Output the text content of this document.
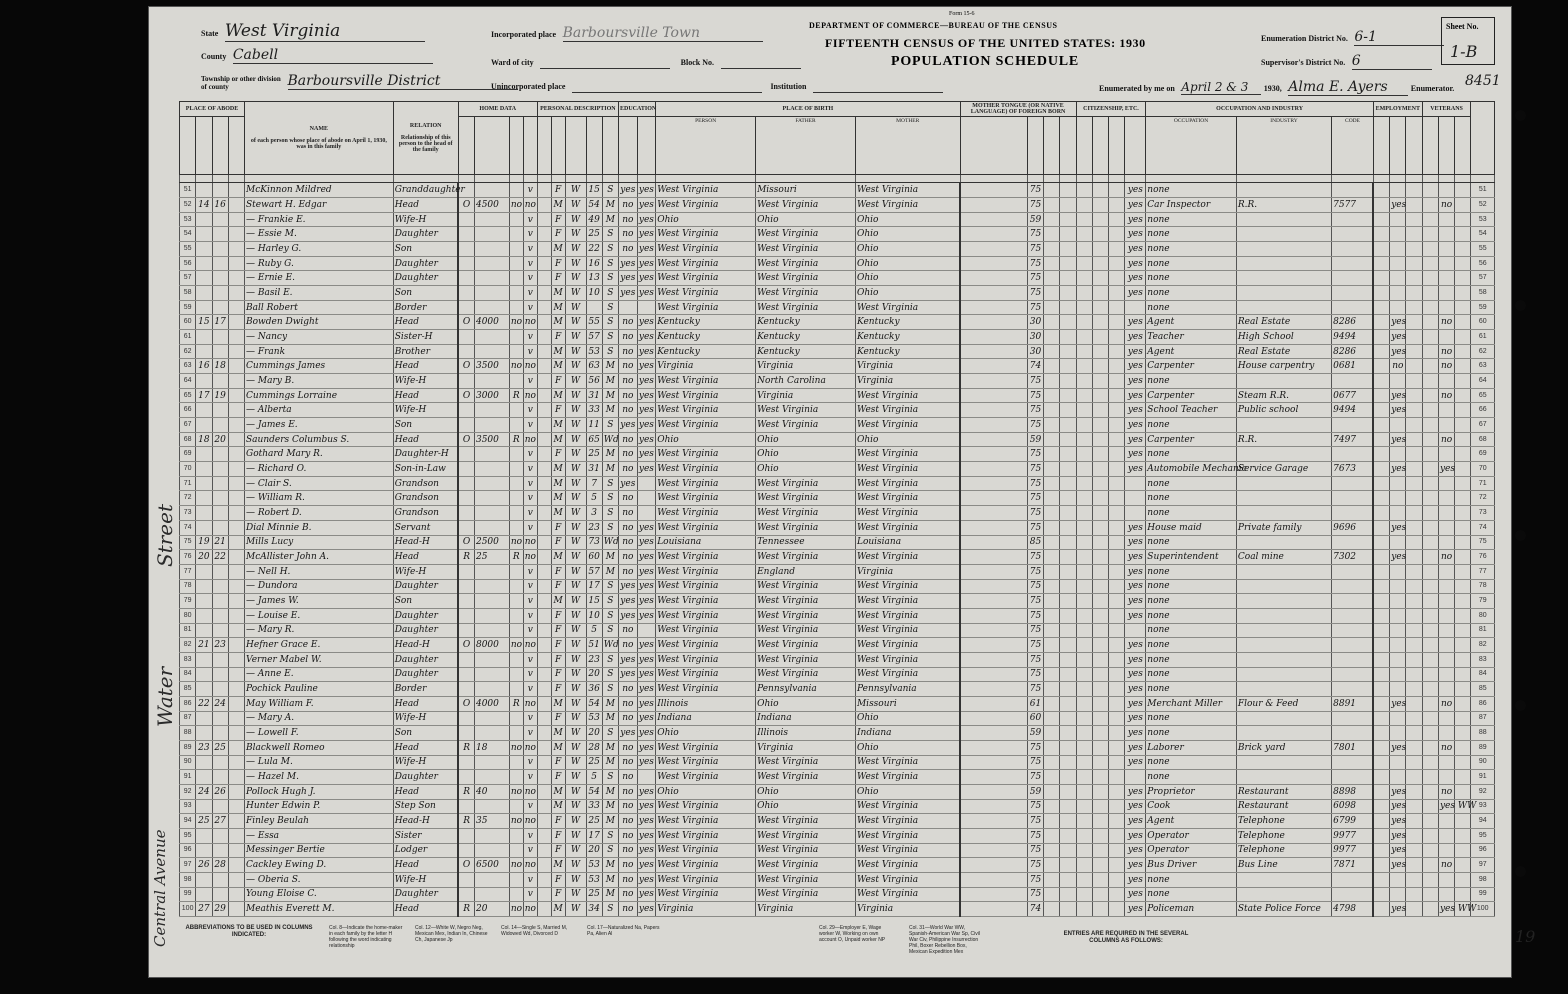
Form 15-6
DEPARTMENT OF COMMERCE—BUREAU OF THE CENSUS
FIFTEENTH CENSUS OF THE UNITED STATES: 1930
POPULATION SCHEDULE
State West Virginia
County Cabell
Township or other division of county	Barboursville District
Incorporated place Barboursville Town
Ward of city	Block No.
Unincorporated place	Institution
Enumeration District No. 6-1
Supervisor's District No. 6
Enumerated by me on April 2 & 3 1930, Alma E. Ayers	Enumerator. 8451
Sheet No.
1-B
PLACE OF ABODE				NAME

of each person whose place of abode on April 1, 1930, was in this family	RELATION

Relationship of this person to the head of the family	HOME DATA				PERSONAL DESCRIPTION					EDUCATION		PLACE OF BIRTH			MOTHER TONGUE (OR NATIVE LANGUAGE) OF FOREIGN BORN				CITIZENSHIP, ETC.				OCCUPATION AND INDUSTRY			EMPLOYMENT			VETERANS			
																	PERSON	FATHER	MOTHER									OCCUPATION	INDUSTRY	CODE							

51				McKinnon Mildred	Granddaughter				v		F	W	15	S	yes	yes	West Virginia	Missouri	West Virginia		75						yes	none									51
52	14	16		Stewart H. Edgar	Head	O	4500	no	no		M	W	54	M	no	yes	West Virginia	West Virginia	West Virginia		75						yes	Car Inspector	R.R.	7577		yes			no		52
53				— Frankie E.	Wife-H				v		F	W	49	M	no	yes	Ohio	Ohio	Ohio		59						yes	none									53
54				— Essie M.	Daughter				v		F	W	25	S	no	yes	West Virginia	West Virginia	Ohio		75						yes	none									54
55				— Harley G.	Son				v		M	W	22	S	no	yes	West Virginia	West Virginia	Ohio		75						yes	none									55
56				— Ruby G.	Daughter				v		F	W	16	S	yes	yes	West Virginia	West Virginia	Ohio		75						yes	none									56
57				— Ernie E.	Daughter				v		F	W	13	S	yes	yes	West Virginia	West Virginia	Ohio		75						yes	none									57
58				— Basil E.	Son				v		M	W	10	S	yes	yes	West Virginia	West Virginia	Ohio		75						yes	none									58
59				Ball Robert	Border				v		M	W		S			West Virginia	West Virginia	West Virginia		75							none									59
60	15	17		Bowden Dwight	Head	O	4000	no	no		M	W	55	S	no	yes	Kentucky	Kentucky	Kentucky		30						yes	Agent	Real Estate	8286		yes			no		60
61				— Nancy	Sister-H				v		F	W	57	S	no	yes	Kentucky	Kentucky	Kentucky		30						yes	Teacher	High School	9494		yes					61
62				— Frank	Brother				v		M	W	53	S	no	yes	Kentucky	Kentucky	Kentucky		30						yes	Agent	Real Estate	8286		yes			no		62
63	16	18		Cummings James	Head	O	3500	no	no		M	W	63	M	no	yes	Virginia	Virginia	Virginia		74						yes	Carpenter	House carpentry	0681		no			no		63
64				— Mary B.	Wife-H				v		F	W	56	M	no	yes	West Virginia	North Carolina	Virginia		75						yes	none									64
65	17	19		Cummings Lorraine	Head	O	3000	R	no		M	W	31	M	no	yes	West Virginia	Virginia	West Virginia		75						yes	Carpenter	Steam R.R.	0677		yes			no		65
66				— Alberta	Wife-H				v		F	W	33	M	no	yes	West Virginia	West Virginia	West Virginia		75						yes	School Teacher	Public school	9494		yes					66
67				— James E.	Son				v		M	W	11	S	yes	yes	West Virginia	West Virginia	West Virginia		75						yes	none									67
68	18	20		Saunders Columbus S.	Head	O	3500	R	no		M	W	65	Wd	no	yes	Ohio	Ohio	Ohio		59						yes	Carpenter	R.R.	7497		yes			no		68
69				Gothard Mary R.	Daughter-H				v		F	W	25	M	no	yes	West Virginia	Ohio	West Virginia		75						yes	none									69
70				— Richard O.	Son-in-Law				v		M	W	31	M	no	yes	West Virginia	Ohio	West Virginia		75						yes	Automobile Mechanic	Service Garage	7673		yes			yes		70
71				— Clair S.	Grandson				v		M	W	7	S	yes		West Virginia	West Virginia	West Virginia		75							none									71
72				— William R.	Grandson				v		M	W	5	S	no		West Virginia	West Virginia	West Virginia		75							none									72
73				— Robert D.	Grandson				v		M	W	3	S	no		West Virginia	West Virginia	West Virginia		75							none									73
74				Dial Minnie B.	Servant				v		F	W	23	S	no	yes	West Virginia	West Virginia	West Virginia		75						yes	House maid	Private family	9696		yes					74
75	19	21		Mills Lucy	Head-H	O	2500	no	no		F	W	73	Wd	no	yes	Louisiana	Tennessee	Louisiana		85						yes	none									75
76	20	22		McAllister John A.	Head	R	25	R	no		M	W	60	M	no	yes	West Virginia	West Virginia	West Virginia		75						yes	Superintendent	Coal mine	7302		yes			no		76
77				— Nell H.	Wife-H				v		F	W	57	M	no	yes	West Virginia	England	Virginia		75						yes	none									77
78				— Dundora	Daughter				v		F	W	17	S	yes	yes	West Virginia	West Virginia	West Virginia		75						yes	none									78
79				— James W.	Son				v		M	W	15	S	yes	yes	West Virginia	West Virginia	West Virginia		75						yes	none									79
80				— Louise E.	Daughter				v		F	W	10	S	yes	yes	West Virginia	West Virginia	West Virginia		75						yes	none									80
81				— Mary R.	Daughter				v		F	W	5	S	no		West Virginia	West Virginia	West Virginia		75							none									81
82	21	23		Hefner Grace E.	Head-H	O	8000	no	no		F	W	51	Wd	no	yes	West Virginia	West Virginia	West Virginia		75						yes	none									82
83				Verner Mabel W.	Daughter				v		F	W	23	S	yes	yes	West Virginia	West Virginia	West Virginia		75						yes	none									83
84				— Anne E.	Daughter				v		F	W	20	S	yes	yes	West Virginia	West Virginia	West Virginia		75						yes	none									84
85				Pochick Pauline	Border				v		F	W	36	S	no	yes	West Virginia	Pennsylvania	Pennsylvania		75						yes	none									85
86	22	24		May William F.	Head	O	4000	R	no		M	W	54	M	no	yes	Illinois	Ohio	Missouri		61						yes	Merchant Miller	Flour & Feed	8891		yes			no		86
87				— Mary A.	Wife-H				v		F	W	53	M	no	yes	Indiana	Indiana	Ohio		60						yes	none									87
88				— Lowell F.	Son				v		M	W	20	S	yes	yes	Ohio	Illinois	Indiana		59						yes	none									88
89	23	25		Blackwell Romeo	Head	R	18	no	no		M	W	28	M	no	yes	West Virginia	Virginia	Ohio		75						yes	Laborer	Brick yard	7801		yes			no		89
90				— Lula M.	Wife-H				v		F	W	25	M	no	yes	West Virginia	West Virginia	West Virginia		75						yes	none									90
91				— Hazel M.	Daughter				v		F	W	5	S	no		West Virginia	West Virginia	West Virginia		75							none									91
92	24	26		Pollock Hugh J.	Head	R	40	no	no		M	W	54	M	no	yes	Ohio	Ohio	Ohio		59						yes	Proprietor	Restaurant	8898		yes			no		92
93				Hunter Edwin P.	Step Son				v		M	W	33	M	no	yes	West Virginia	Ohio	West Virginia		75						yes	Cook	Restaurant	6098		yes			yes WW		93
94	25	27		Finley Beulah	Head-H	R	35	no	no		F	W	25	M	no	yes	West Virginia	West Virginia	West Virginia		75						yes	Agent	Telephone	6799		yes					94
95				— Essa	Sister				v		F	W	17	S	no	yes	West Virginia	West Virginia	West Virginia		75						yes	Operator	Telephone	9977		yes					95
96				Messinger Bertie	Lodger				v		F	W	20	S	no	yes	West Virginia	West Virginia	West Virginia		75						yes	Operator	Telephone	9977		yes					96
97	26	28		Cackley Ewing D.	Head	O	6500	no	no		M	W	53	M	no	yes	West Virginia	West Virginia	West Virginia		75						yes	Bus Driver	Bus Line	7871		yes			no		97
98				— Oberia S.	Wife-H				v		F	W	53	M	no	yes	West Virginia	West Virginia	West Virginia		75						yes	none									98
99				Young Eloise C.	Daughter				v		F	W	25	M	no	yes	West Virginia	West Virginia	West Virginia		75						yes	none									99
100	27	29		Meathis Everett M.	Head	R	20	no	no		M	W	34	S	no	yes	Virginia	Virginia	Virginia		74						yes	Policeman	State Police Force	4798		yes			yes WW		100
Street
Water
Central Avenue	ABBREVIATIONS TO BE USED IN COLUMNS INDICATED:
Col. 8—Indicate the home-maker in each family by the letter H following the word indicating relationship
Col. 12—White W, Negro Neg, Mexican Mex, Indian In, Chinese Ch, Japanese Jp
Col. 14—Single S, Married M, Widowed Wd, Divorced D
Col. 17—Naturalized Na, Papers Pa, Alien Al
Col. 29—Employer E, Wage worker W, Working on own account O, Unpaid worker NP
Col. 31—World War WW, Spanish-American War Sp, Civil War Civ, Philippine Insurrection Phil, Boxer Rebellion Box, Mexican Expedition Mex
ENTRIES ARE REQUIRED IN THE SEVERAL COLUMNS AS FOLLOWS:	19
